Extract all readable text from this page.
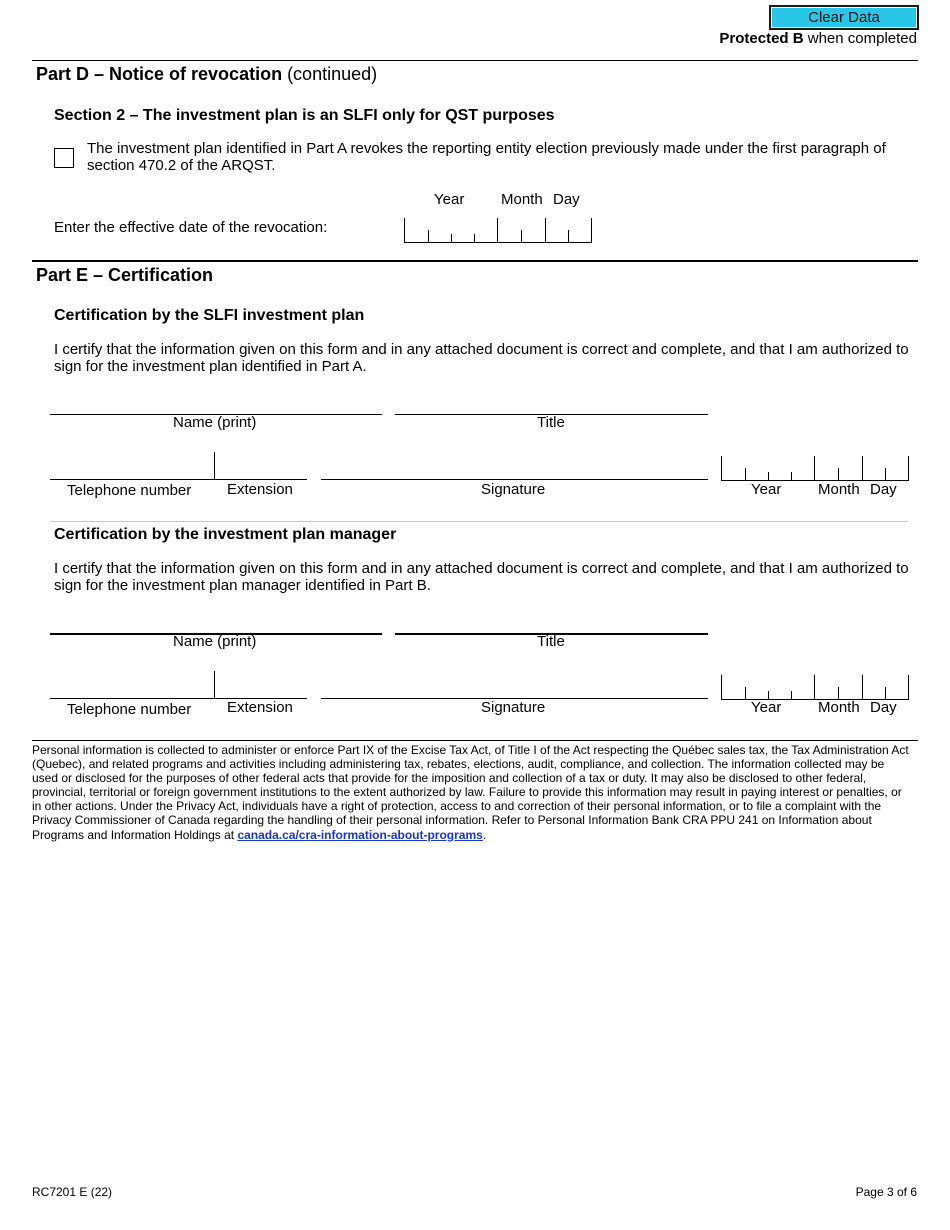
Clear Data
Protected B when completed
Part D – Notice of revocation (continued)
Section 2 – The investment plan is an SLFI only for QST purposes
The investment plan identified in Part A revokes the reporting entity election previously made under the first paragraph of section 470.2 of the ARQST.
Year Month Day
Enter the effective date of the revocation:
Part E – Certification
Certification by the SLFI investment plan
I certify that the information given on this form and in any attached document is correct and complete, and that I am authorized to sign for the investment plan identified in Part A.
Name (print)	Title
Telephone number Extension	Signature	Year Month Day
Certification by the investment plan manager
I certify that the information given on this form and in any attached document is correct and complete, and that I am authorized to sign for the investment plan manager identified in Part B.
Name (print)	Title
Telephone number Extension	Signature	Year Month Day
Personal information is collected to administer or enforce Part IX of the Excise Tax Act, of Title I of the Act respecting the Québec sales tax, the Tax Administration Act (Quebec), and related programs and activities including administering tax, rebates, elections, audit, compliance, and collection. The information collected may be used or disclosed for the purposes of other federal acts that provide for the imposition and collection of a tax or duty. It may also be disclosed to other federal, provincial, territorial or foreign government institutions to the extent authorized by law. Failure to provide this information may result in paying interest or penalties, or in other actions. Under the Privacy Act, individuals have a right of protection, access to and correction of their personal information, or to file a complaint with the Privacy Commissioner of Canada regarding the handling of their personal information. Refer to Personal Information Bank CRA PPU 241 on Information about Programs and Information Holdings at canada.ca/cra-information-about-programs.
RC7201 E (22)	Page 3 of 6
